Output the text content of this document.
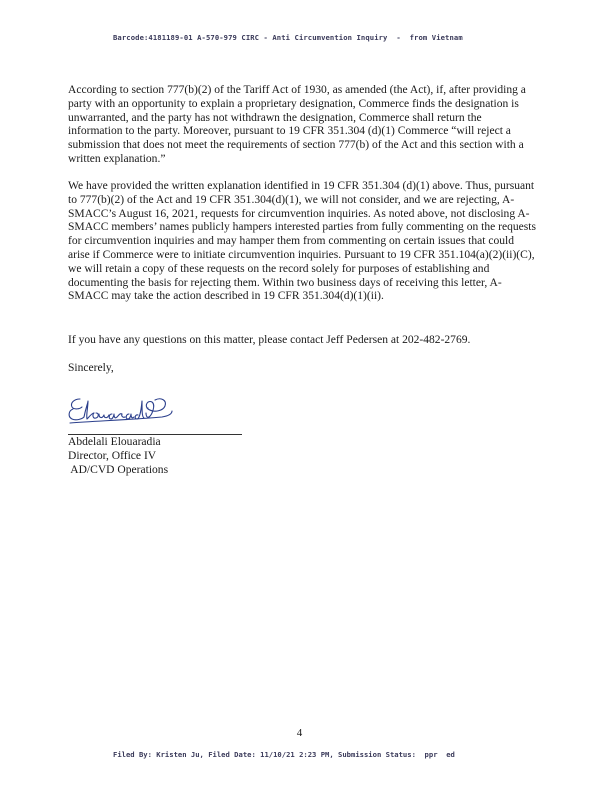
Barcode:4181189-01 A-570-979 CIRC - Anti Circumvention Inquiry  -  from Vietnam

According to section 777(b)(2) of the Tariff Act of 1930, as amended (the Act), if, after providing a party with an opportunity to explain a proprietary designation, Commerce finds the designation is unwarranted, and the party has not withdrawn the designation, Commerce shall return the information to the party. Moreover, pursuant to 19 CFR 351.304 (d)(1) Commerce “will reject a submission that does not meet the requirements of section 777(b) of the Act and this section with a written explanation.”

We have provided the written explanation identified in 19 CFR 351.304 (d)(1) above. Thus, pursuant to 777(b)(2) of the Act and 19 CFR 351.304(d)(1), we will not consider, and we are rejecting, A-SMACC’s August 16, 2021, requests for circumvention inquiries. As noted above, not disclosing A-SMACC members’ names publicly hampers interested parties from fully commenting on the requests for circumvention inquiries and may hamper them from commenting on certain issues that could arise if Commerce were to initiate circumvention inquiries. Pursuant to 19 CFR 351.104(a)(2)(ii)(C), we will retain a copy of these requests on the record solely for purposes of establishing and documenting the basis for rejecting them. Within two business days of receiving this letter, A-SMACC may take the action described in 19 CFR 351.304(d)(1)(ii).

If you have any questions on this matter, please contact Jeff Pedersen at 202-482-2769.

Sincerely,

Abdelali Elouaradia
Director, Office IV
AD/CVD Operations
4
Filed By: Kristen Ju, Filed Date: 11/10/21 2:23 PM, Submission Status:  ppr  ed
